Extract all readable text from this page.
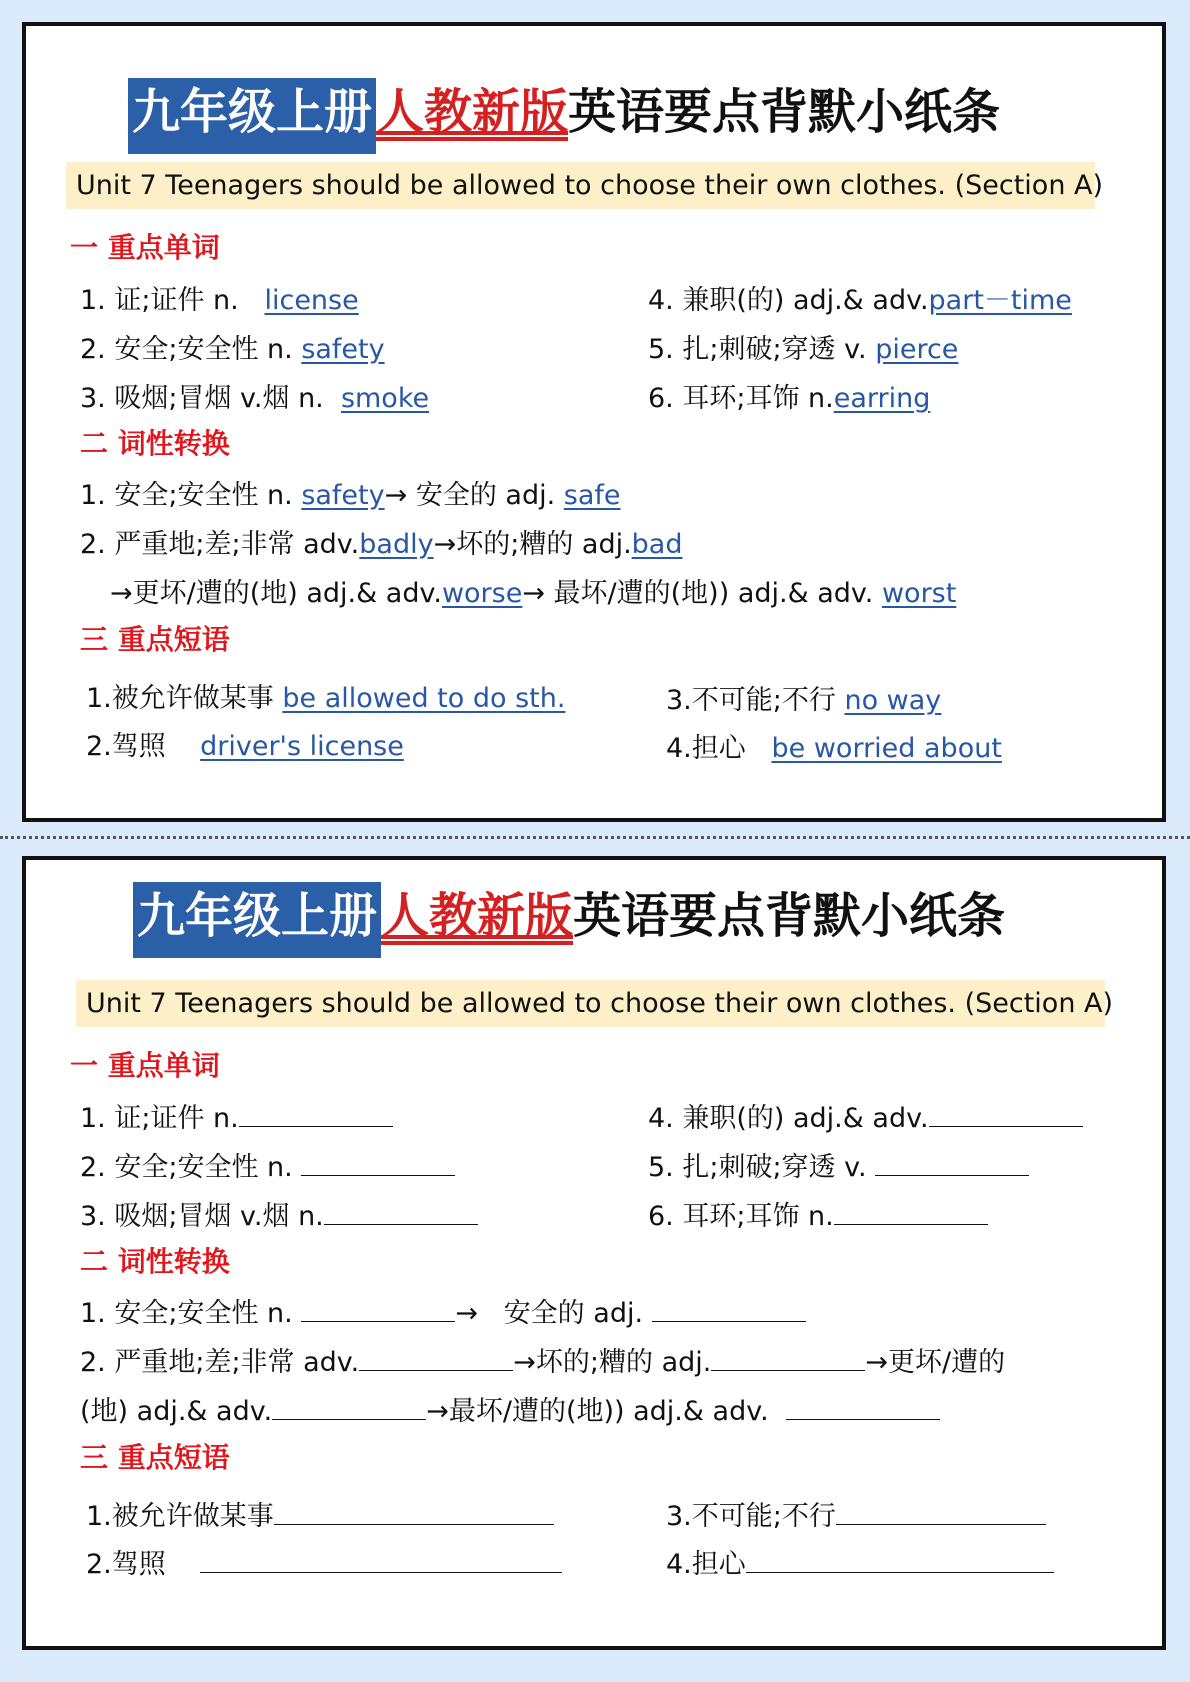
九年级上册人教新版英语要点背默小纸条
Unit 7 Teenagers should be allowed to choose their own clothes. (Section A)
一 重点单词
1. 证;证件 n. license
2. 安全;安全性 n. safety
3. 吸烟;冒烟 v.烟 n. smoke
4. 兼职(的) adj.& adv.part－time
5. 扎;刺破;穿透 v. pierce
6. 耳环;耳饰 n.earring
二 词性转换
1. 安全;安全性 n. safety→ 安全的 adj. safe
2. 严重地;差;非常 adv.badly→坏的;糟的 adj.bad
→更坏/遭的(地) adj.& adv.worse→ 最坏/遭的(地)) adj.& adv. worst
三 重点短语
1.被允许做某事 be allowed to do sth.
2.驾照 driver's license
3.不可能;不行 no way
4.担心 be worried about
九年级上册人教新版英语要点背默小纸条
Unit 7 Teenagers should be allowed to choose their own clothes. (Section A)
一 重点单词
1. 证;证件 n.
2. 安全;安全性 n.
3. 吸烟;冒烟 v.烟 n.
4. 兼职(的) adj.& adv.
5. 扎;刺破;穿透 v.
6. 耳环;耳饰 n.
二 词性转换
1. 安全;安全性 n.	→ 安全的 adj.
2. 严重地;差;非常 adv.	→坏的;糟的 adj.	→更坏/遭的
(地) adj.& adv.	→最坏/遭的(地)) adj.& adv.
三 重点短语
1.被允许做某事
2.驾照
3.不可能;不行
4.担心
